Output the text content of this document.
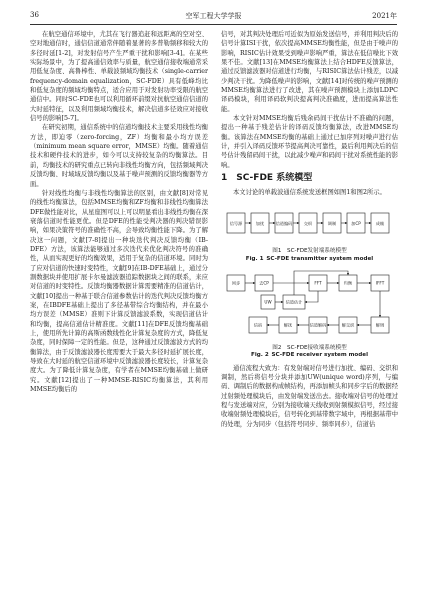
36	空军工程大学学报	2021年

在航空通信环境中，尤其在飞行器追赶和远距离的空对空、空对地通信时，通信信道通常伴随着显著的多普勒频移和较大的多径时延[1-2]，对发射信号产生严重干扰和影响[3-4]。在某些实际场景中，为了提高通信效率与质量，航空通信接收端通常采用低复杂度、高鲁棒性、单载波频域均衡技术（single-carrier frequency-domain equalization，SC-FDE）具有低峰均比和低复杂度的频域均衡特点，适合应用于对发射功率受限的航空通信中。同时SC-FDE也可以利用循环前缀对抗航空通信信道的大时延特征，以及利用频域均衡技术，解决信道多径效应对接收信号的影响[5-7]。

在研究初期，通信系统中的信道均衡技术主要采用线性均衡方法，即迫零（zero-forcing，ZF）均衡和最小均方误差（minimum mean square error，MMSE）均衡。随着通信技术和硬件技术的进步，如今可以支持较复杂的均衡算法。目前，均衡技术的研究重点已转向非线性均衡方向，包括频域判决反馈均衡、时域域反馈均衡以及基于噪声预测的反馈均衡器等方面。

针对线性均衡与非线性均衡算法的区别，由文献[8]对常见的线性均衡算法，包括MMSE均衡和ZF均衡和非线性均衡算法DFE做性能对比，从星座图可以上可以明显看出非线性均衡在深衰落信道时性能更优。但是DFE的性能受判决器的判决错误影响，如果决策符号的准确性不高，会导致均衡性能下降。为了解决这一问题，文献[7-8]提出一种块迭代判决反馈均衡（IB-DFE）方法，该算法能够通过多次迭代来优化判决符号的准确性，从而实现更好的均衡效果，适用于复杂的信道环境。同时为了应对信道的快速时变特性，文献[9]在IB-DFE基础上，通过分割数据块并使用扩展卡尔曼滤波器追踪数据块之间的联系，来应对信道的时变特性。反馈均衡器数据计算需要精准的信道估计，文献[10]提出一种基于联合信道参数估计的迭代判决反馈均衡方案，在IBDFE基础上提出了多径基带综合均衡结构，并在最小均方误差（MMSE）准则下计算反馈滤波系数，实现信道估计和均衡，提高信道估计精准度。文献[11]在DFE反馈均衡基础上，使用所先计算的高斯函数线性化计算复杂度的方式，降低复杂度，同时保障一定的性能。但是，这种通过反馈滤波方式的均衡算法，由于反馈滤波器长度需要大于最大多径时延扩展长度，导致在大时延的航空信道环境中反馈滤波器长度较长，计算复杂度大。为了降低计算复杂度，有学者在MMSE均衡基础上做研究。文献[12]提出了一种MMSE-RISIC均衡算法，其利用MMSE均衡后的

信号，对其判决处理后可近似为原始发送信号，并利用判决后的信号计算ISI干扰，依次提高MMSE均衡性能，但是由于噪声的影响，RISIC估计效果受到噪声影响严重，算法在低信噪比下效果不佳。文献[13]在MMSE均衡算法上结合HDFE反馈算法，通过反馈滤波器对信道进行均衡，与RISIC算法估计残差，以减少判决干扰。为降低噪声的影响，文献[14]对传统的噪声预测的MMSE均衡算法进行了改进，其在噪声预测模块上添加LDPC译码模块，利用译码软判决提高判决准确度，进而提高算法性能。

本文针对MMSE均衡后残余码间干扰估计不准确的问题，提出一种基于残差估计的译码反馈均衡算法，改进MMSE均衡。该算法在MMSE均衡的基础上通过已加序列对噪声进行估计，并引入译码反馈环节提高判决可靠性，最后利用判决后的信号估计残留码间干扰，以此减少噪声和码间干扰对系统性能的影响。

1  SC-FDE 系统模型

本文讨论的单载波通信系统发送框图如图1和图2所示。

信号源	加扰	信道编码	交织	调制	加CP	成帧
图1　SC-FDE发射端系统模型
Fig. 1  SC-FDE transmitter system model
同步	去CP	FFT	均衡	IFFT
解调
解交织
信道解码
解扰
信宿
信道估计
UW
图2　SC-FDE接收端系统模型
Fig. 2  SC-FDE receiver system model

通信流程大致为：有发射端对信号进行加扰、编码、交织和调制，然后将信号分块并添加UW(unique word)序列，与编码、调制后的数据构成帧结构，再添加帧头和同步字后的数据经过射频处理模块后，由发射端发送出去。接收端对信号的处理过程与发送端对应，分别为接收端天线收到射频模拟信号，经过接收端射频处理模块后，信号转化到基带数字域中，再根据基带中的处理，分为同步（包括符号同步、频率同步），信道估
